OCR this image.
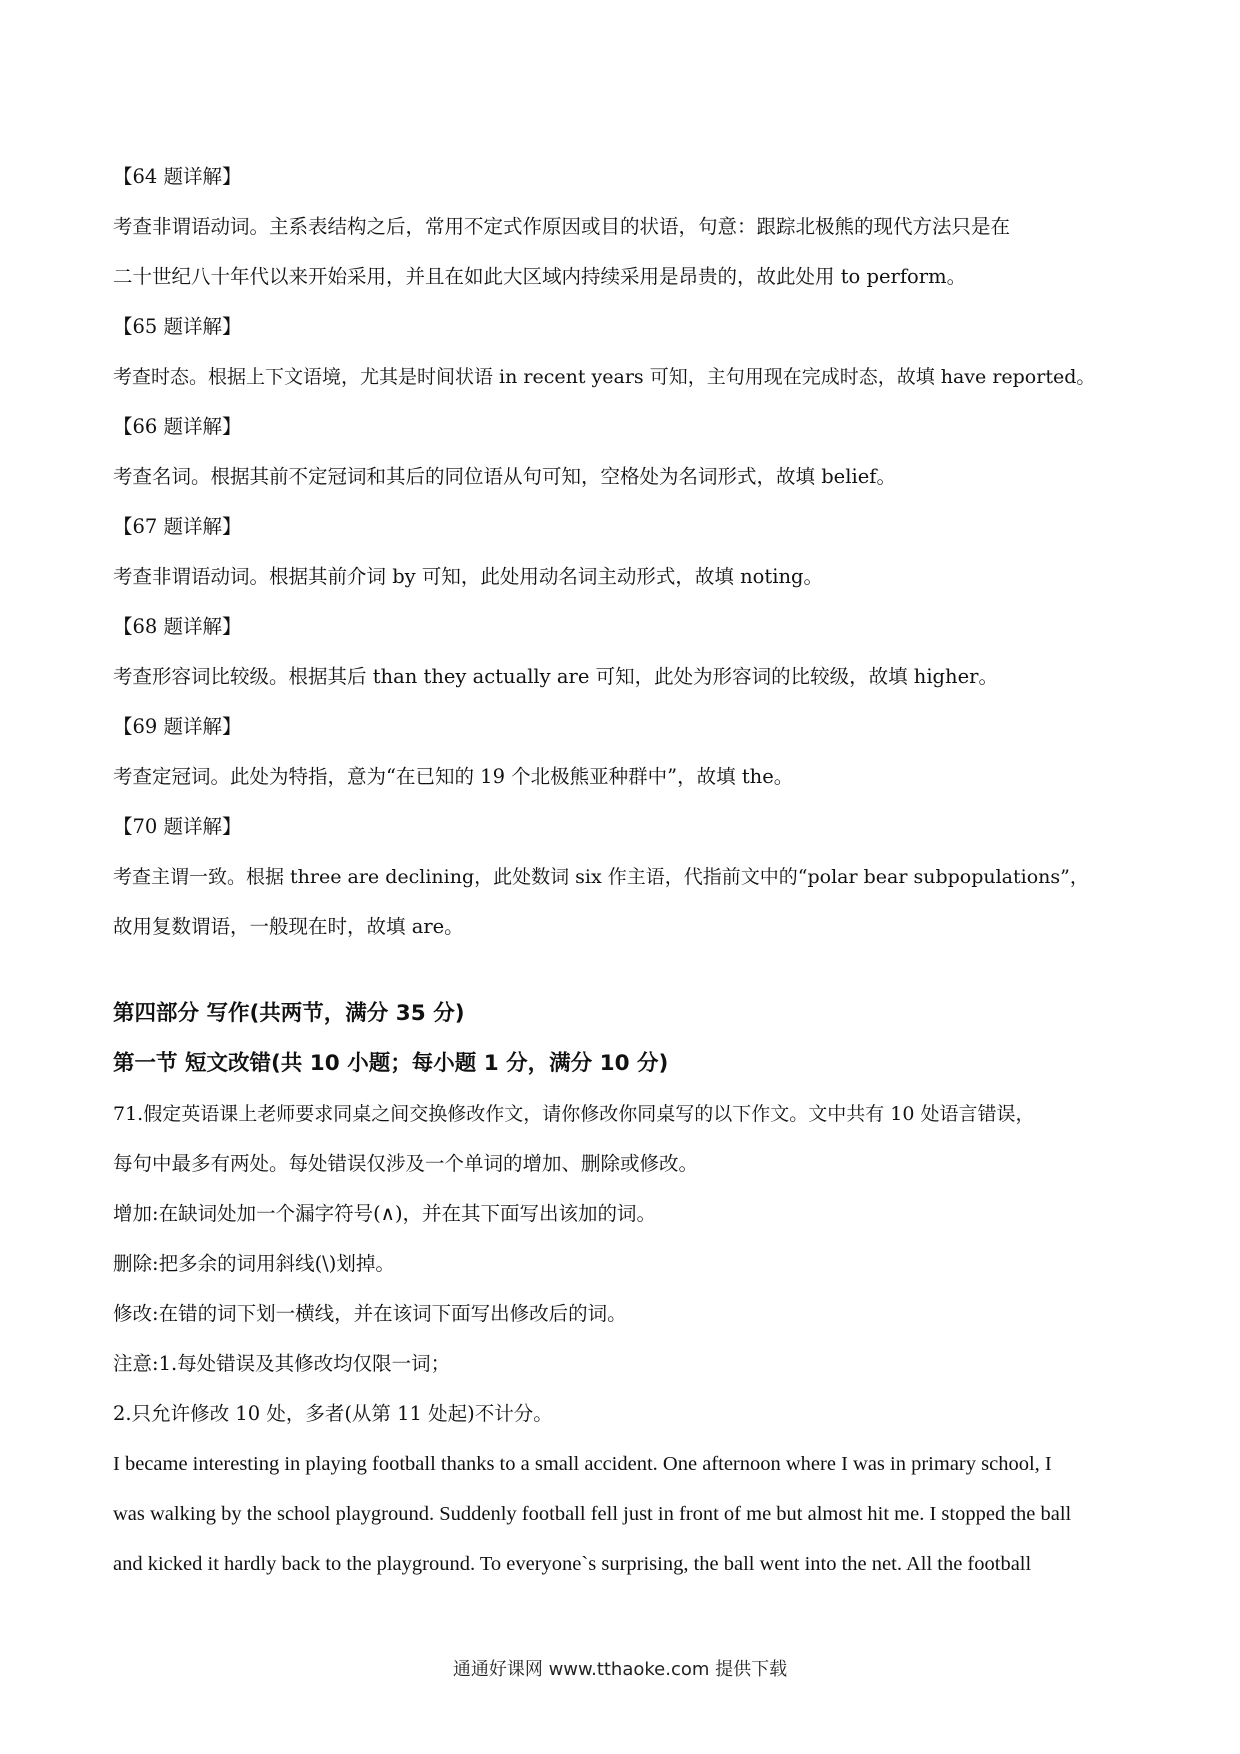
【64 题详解】
考查非谓语动词。主系表结构之后，常用不定式作原因或目的状语，句意：跟踪北极熊的现代方法只是在
二十世纪八十年代以来开始采用，并且在如此大区域内持续采用是昂贵的，故此处用 to perform。
【65 题详解】
考查时态。根据上下文语境，尤其是时间状语 in recent years 可知，主句用现在完成时态，故填 have reported。
【66 题详解】
考查名词。根据其前不定冠词和其后的同位语从句可知，空格处为名词形式，故填 belief。
【67 题详解】
考查非谓语动词。根据其前介词 by 可知，此处用动名词主动形式，故填 noting。
【68 题详解】
考查形容词比较级。根据其后 than they actually are 可知，此处为形容词的比较级，故填 higher。
【69 题详解】
考查定冠词。此处为特指，意为“在已知的 19 个北极熊亚种群中”，故填 the。
【70 题详解】
考查主谓一致。根据 three are declining，此处数词 six 作主语，代指前文中的“polar bear subpopulations”，
故用复数谓语，一般现在时，故填 are。
第四部分 写作(共两节，满分 35 分)
第一节 短文改错(共 10 小题；每小题 1 分，满分 10 分)
71.假定英语课上老师要求同桌之间交换修改作文，请你修改你同桌写的以下作文。文中共有 10 处语言错误，
每句中最多有两处。每处错误仅涉及一个单词的增加、删除或修改。
增加:在缺词处加一个漏字符号(∧)，并在其下面写出该加的词。
删除:把多余的词用斜线(\)划掉。
修改:在错的词下划一横线，并在该词下面写出修改后的词。
注意:1.每处错误及其修改均仅限一词；
2.只允许修改 10 处，多者(从第 11 处起)不计分。
I became interesting in playing football thanks to a small accident. One afternoon where I was in primary school, I
was walking by the school playground. Suddenly football fell just in front of me but almost hit me. I stopped the ball
and kicked it hardly back to the playground. To everyone`s surprising, the ball went into the net. All the football
通通好课网 www.tthaoke.com 提供下载
